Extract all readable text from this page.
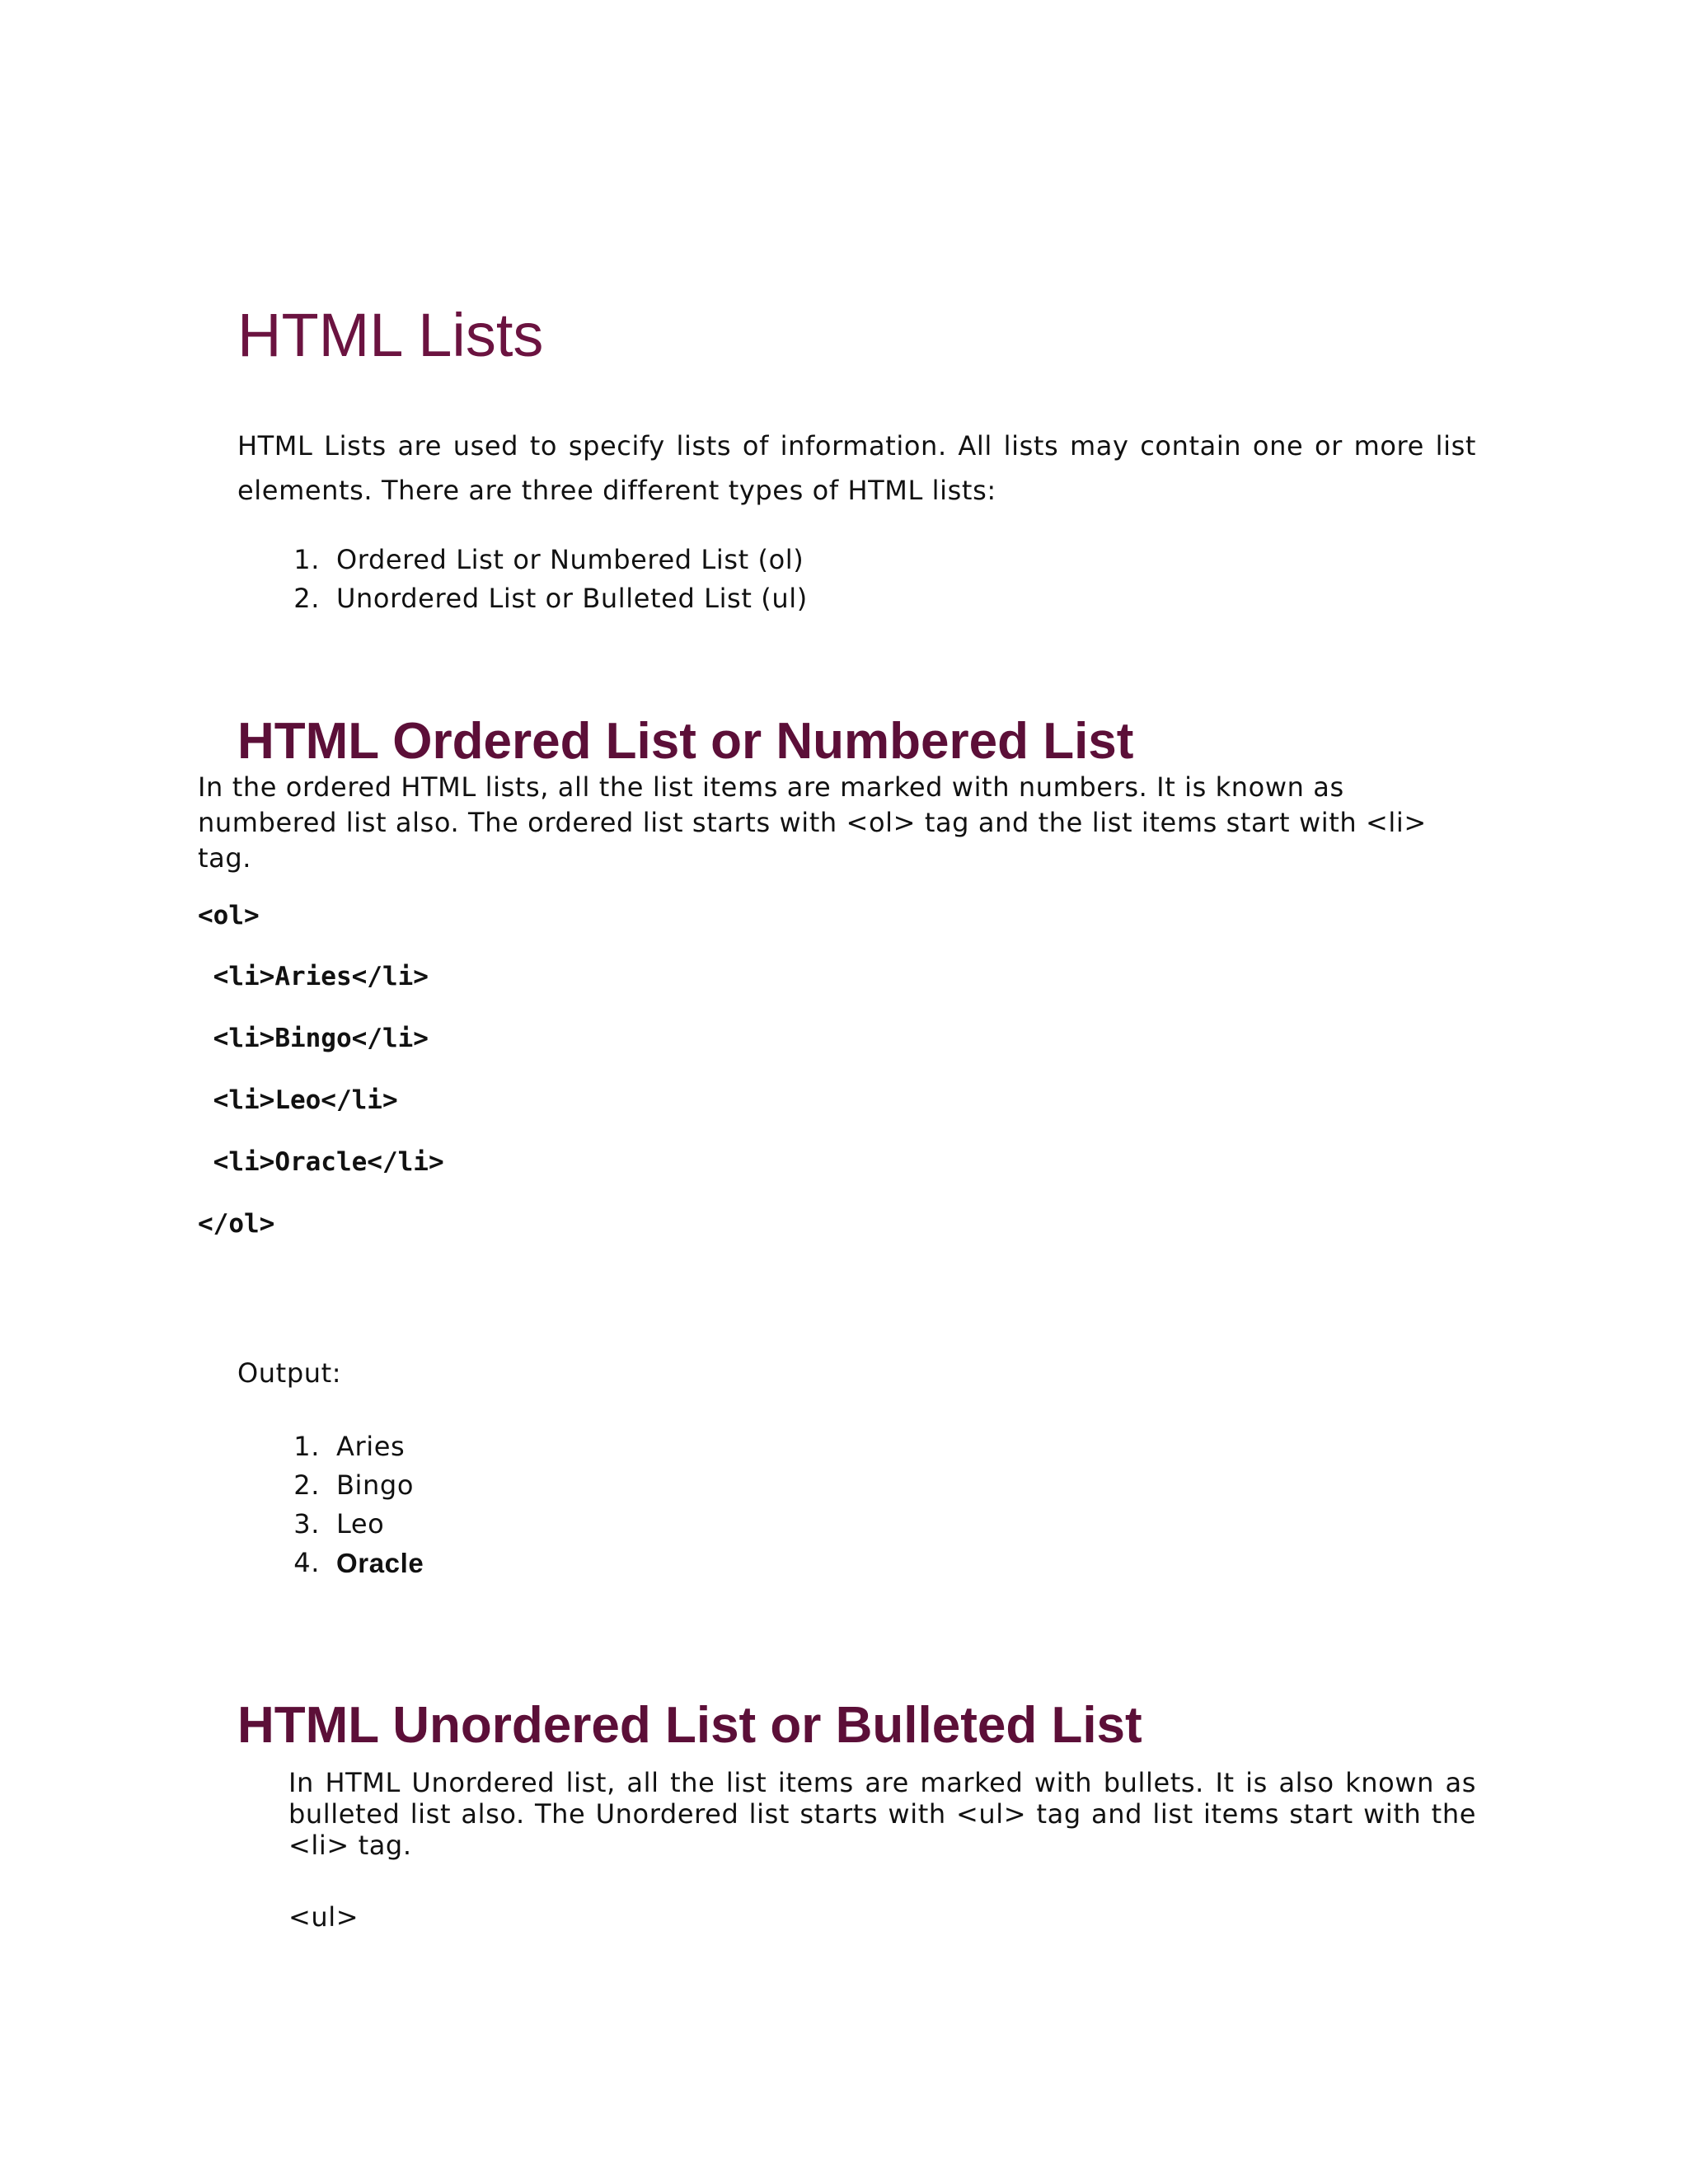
HTML Lists

HTML Lists are used to specify lists of information. All lists may contain one or more list elements. There are three different types of HTML lists:

1. Ordered List or Numbered List (ol)
2. Unordered List or Bulleted List (ul)
HTML Ordered List or Numbered List

In the ordered HTML lists, all the list items are marked with numbers. It is known as numbered list also. The ordered list starts with <ol> tag and the list items start with <li> tag.

<ol>
<li>Aries</li>
<li>Bingo</li>
<li>Leo</li>
<li>Oracle</li>
</ol>
Output:
1. Aries
2. Bingo
3. Leo
4. Oracle
HTML Unordered List or Bulleted List

In HTML Unordered list, all the list items are marked with bullets. It is also known as bulleted list also. The Unordered list starts with <ul> tag and list items start with the <li> tag.

<ul>
